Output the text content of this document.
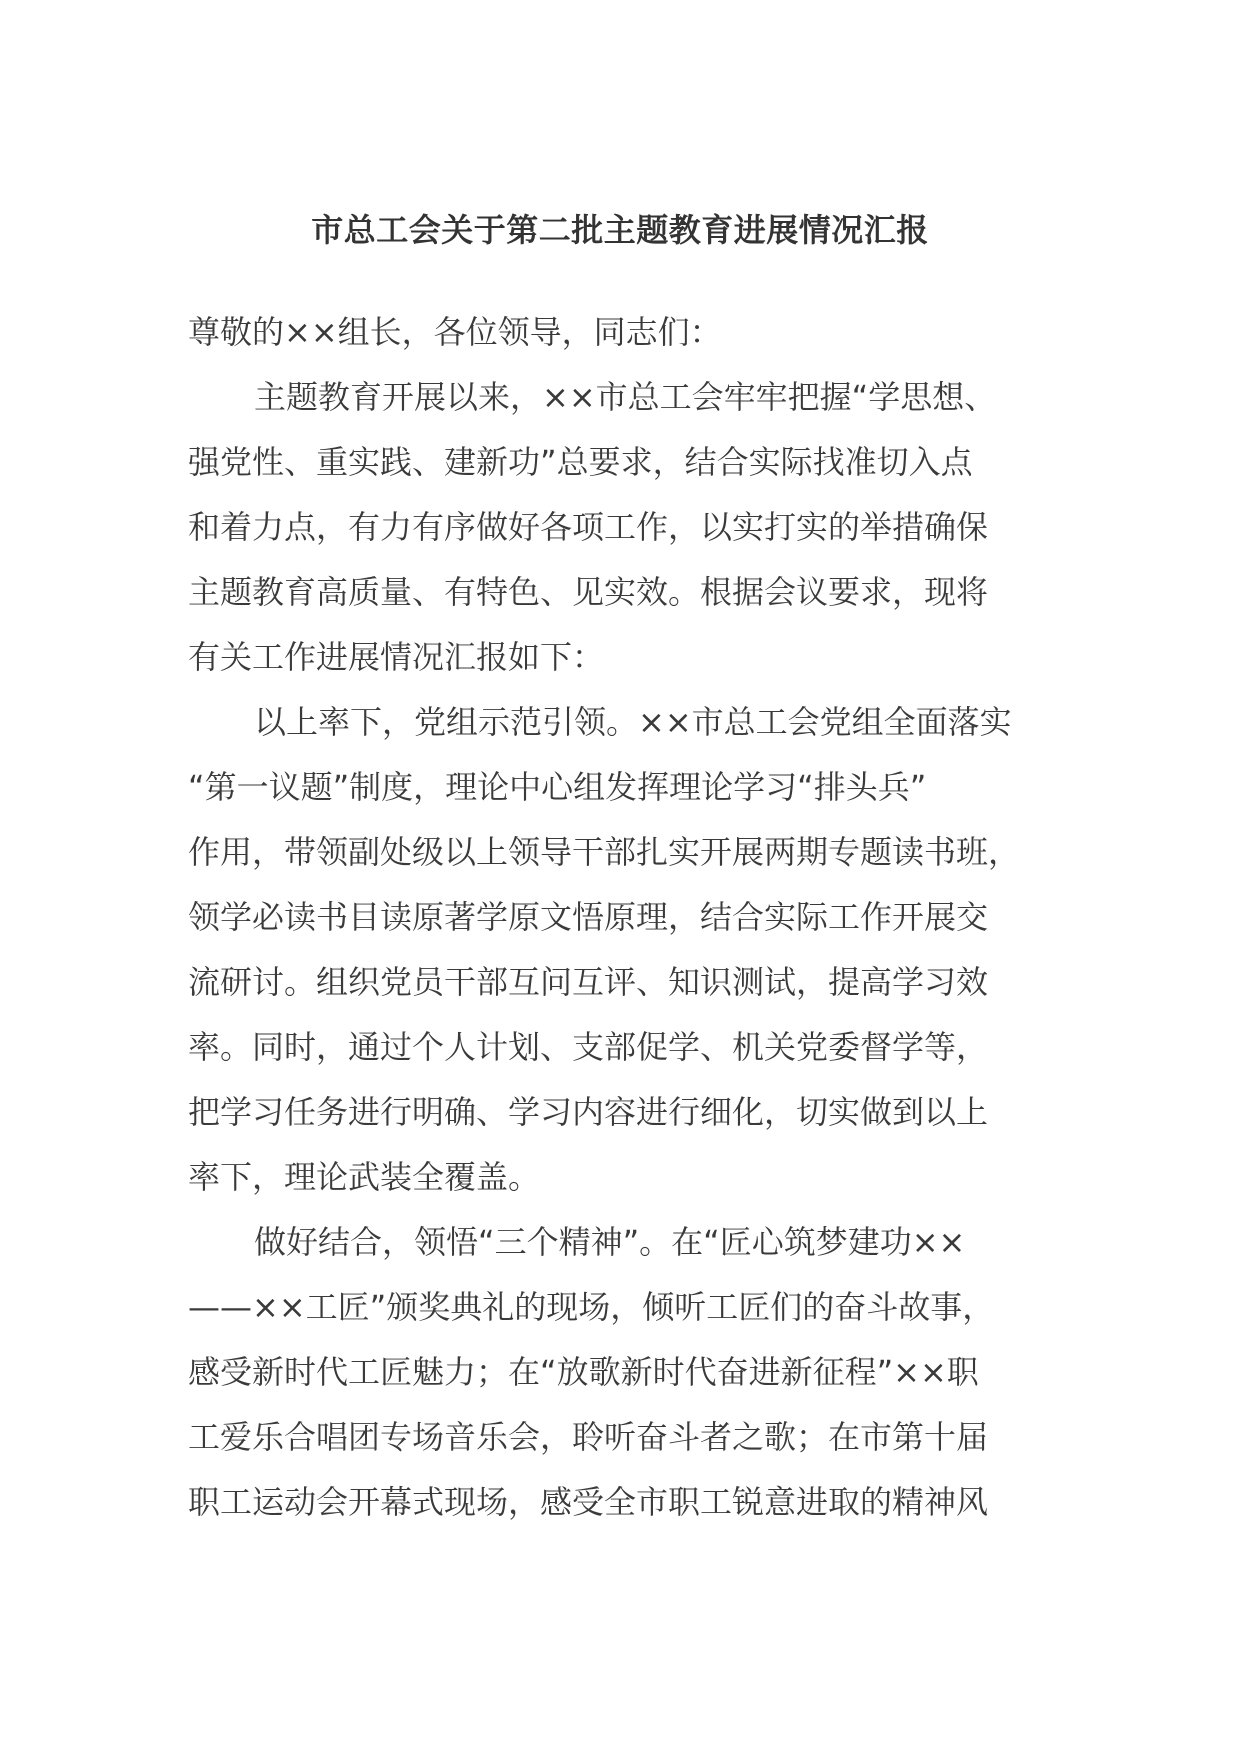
市总工会关于第二批主题教育进展情况汇报
尊敬的××组长，各位领导，同志们：
主题教育开展以来，××市总工会牢牢把握“学思想、
强党性、重实践、建新功”总要求，结合实际找准切入点
和着力点，有力有序做好各项工作，以实打实的举措确保
主题教育高质量、有特色、见实效。根据会议要求，现将
有关工作进展情况汇报如下：
以上率下，党组示范引领。××市总工会党组全面落实
“第一议题”制度，理论中心组发挥理论学习“排头兵”
作用，带领副处级以上领导干部扎实开展两期专题读书班，
领学必读书目读原著学原文悟原理，结合实际工作开展交
流研讨。组织党员干部互问互评、知识测试，提高学习效
率。同时，通过个人计划、支部促学、机关党委督学等，
把学习任务进行明确、学习内容进行细化，切实做到以上
率下，理论武装全覆盖。
做好结合，领悟“三个精神”。在“匠心筑梦建功××
——××工匠”颁奖典礼的现场，倾听工匠们的奋斗故事，
感受新时代工匠魅力；在“放歌新时代奋进新征程”××职
工爱乐合唱团专场音乐会，聆听奋斗者之歌；在市第十届
职工运动会开幕式现场，感受全市职工锐意进取的精神风
